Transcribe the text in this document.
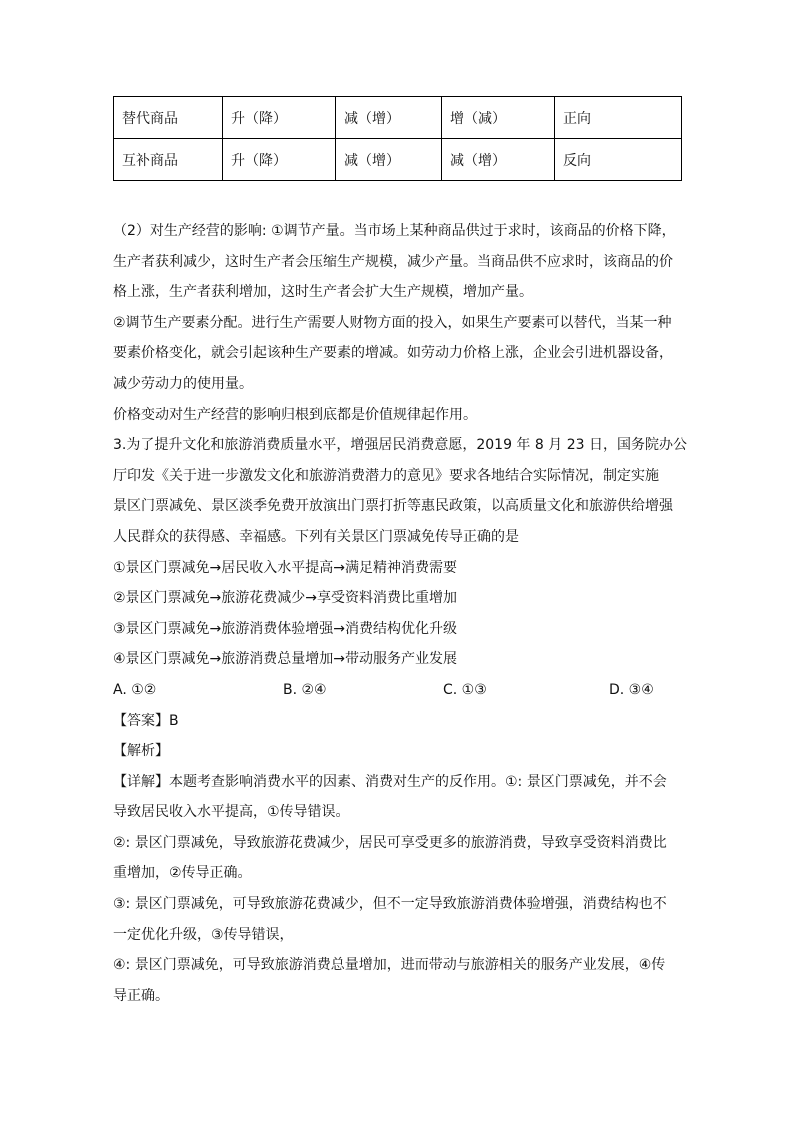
替代商品	升（降）	减（增）	增（减）	正向
互补商品	升（降）	减（增）	减（增）	反向
（2）对生产经营的影响: ①调节产量。当市场上某种商品供过于求时，该商品的价格下降，
生产者获利减少，这时生产者会压缩生产规模，减少产量。当商品供不应求时，该商品的价
格上涨，生产者获利增加，这时生产者会扩大生产规模，增加产量。
②调节生产要素分配。进行生产需要人财物方面的投入，如果生产要素可以替代，当某一种
要素价格变化，就会引起该种生产要素的增减。如劳动力价格上涨，企业会引进机器设备，
减少劳动力的使用量。
价格变动对生产经营的影响归根到底都是价值规律起作用。
3.为了提升文化和旅游消费质量水平，增强居民消费意愿，2019 年 8 月 23 日，国务院办公
厅印发《关于进一步激发文化和旅游消费潜力的意见》要求各地结合实际情况，制定实施
景区门票减免、景区淡季免费开放演出门票打折等惠民政策，以高质量文化和旅游供给增强
人民群众的获得感、幸福感。下列有关景区门票减免传导正确的是
①景区门票减免→居民收入水平提高→满足精神消费需要
②景区门票减免→旅游花费减少→享受资料消费比重增加
③景区门票减免→旅游消费体验增强→消费结构优化升级
④景区门票减免→旅游消费总量增加→带动服务产业发展
A. ①②	B. ②④	C. ①③	D. ③④
【答案】B
【解析】
【详解】本题考查影响消费水平的因素、消费对生产的反作用。①: 景区门票减免，并不会
导致居民收入水平提高，①传导错误。
②: 景区门票减免，导致旅游花费减少，居民可享受更多的旅游消费，导致享受资料消费比
重增加，②传导正确。
③: 景区门票减免，可导致旅游花费减少，但不一定导致旅游消费体验增强，消费结构也不
一定优化升级，③传导错误，
④: 景区门票减免，可导致旅游消费总量增加，进而带动与旅游相关的服务产业发展，④传
导正确。
